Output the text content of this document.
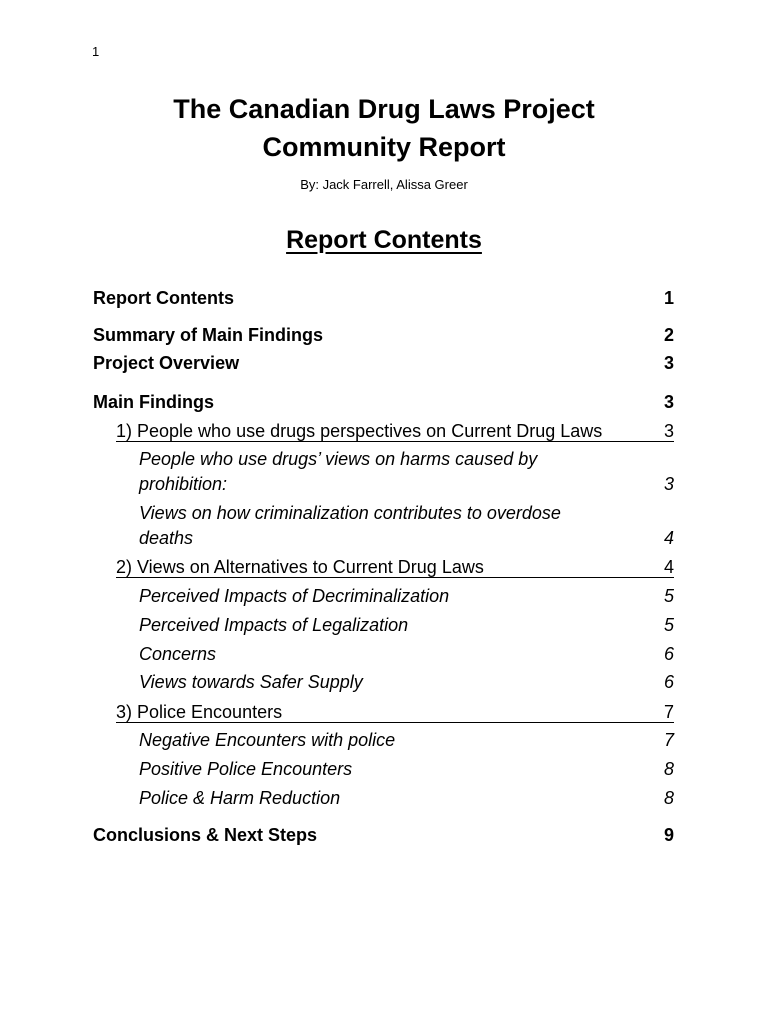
1
The Canadian Drug Laws Project
Community Report
By: Jack Farrell, Alissa Greer
Report Contents
Report Contents	1
Summary of Main Findings	2
Project Overview	3
Main Findings	3
1) People who use drugs perspectives on Current Drug Laws	3
People who use drugs’ views on harms caused by
prohibition:	3
Views on how criminalization contributes to overdose
deaths	4
2) Views on Alternatives to Current Drug Laws	4
Perceived Impacts of Decriminalization	5
Perceived Impacts of Legalization	5
Concerns	6
Views towards Safer Supply	6
3) Police Encounters	7
Negative Encounters with police	7
Positive Police Encounters	8
Police & Harm Reduction	8
Conclusions & Next Steps	9
